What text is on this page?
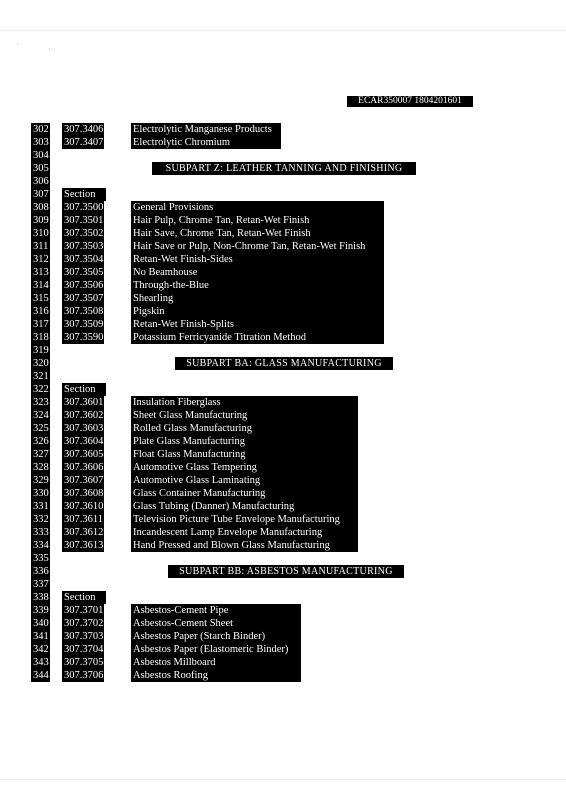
ECAR350007 1804201601
302 307.3406	Electrolytic Manganese Products
303 307.3407	Electrolytic Chromium
304
305	SUBPART Z: LEATHER TANNING AND FINISHING
306
307 Section
308 307.3500	General Provisions
309 307.3501	Hair Pulp, Chrome Tan, Retan-Wet Finish
310 307.3502	Hair Save, Chrome Tan, Retan-Wet Finish
311 307.3503	Hair Save or Pulp, Non-Chrome Tan, Retan-Wet Finish
312 307.3504	Retan-Wet Finish-Sides
313 307.3505	No Beamhouse
314 307.3506	Through-the-Blue
315 307.3507	Shearling
316 307.3508	Pigskin
317 307.3509	Retan-Wet Finish-Splits
318 307.3590	Potassium Ferricyanide Titration Method
319
320	SUBPART BA: GLASS MANUFACTURING
321
322 Section
323 307.3601	Insulation Fiberglass
324 307.3602	Sheet Glass Manufacturing
325 307.3603	Rolled Glass Manufacturing
326 307.3604	Plate Glass Manufacturing
327 307.3605	Float Glass Manufacturing
328 307.3606	Automotive Glass Tempering
329 307.3607	Automotive Glass Laminating
330 307.3608	Glass Container Manufacturing
331 307.3610	Glass Tubing (Danner) Manufacturing
332 307.3611	Television Picture Tube Envelope Manufacturing
333 307.3612	Incandescent Lamp Envelope Manufacturing
334 307.3613	Hand Pressed and Blown Glass Manufacturing
335
336	SUBPART BB: ASBESTOS MANUFACTURING
337
338 Section
339 307.3701	Asbestos-Cement Pipe
340 307.3702	Asbestos-Cement Sheet
341 307.3703	Asbestos Paper (Starch Binder)
342 307.3704	Asbestos Paper (Elastomeric Binder)
343 307.3705	Asbestos Millboard
344 307.3706	Asbestos Roofing
